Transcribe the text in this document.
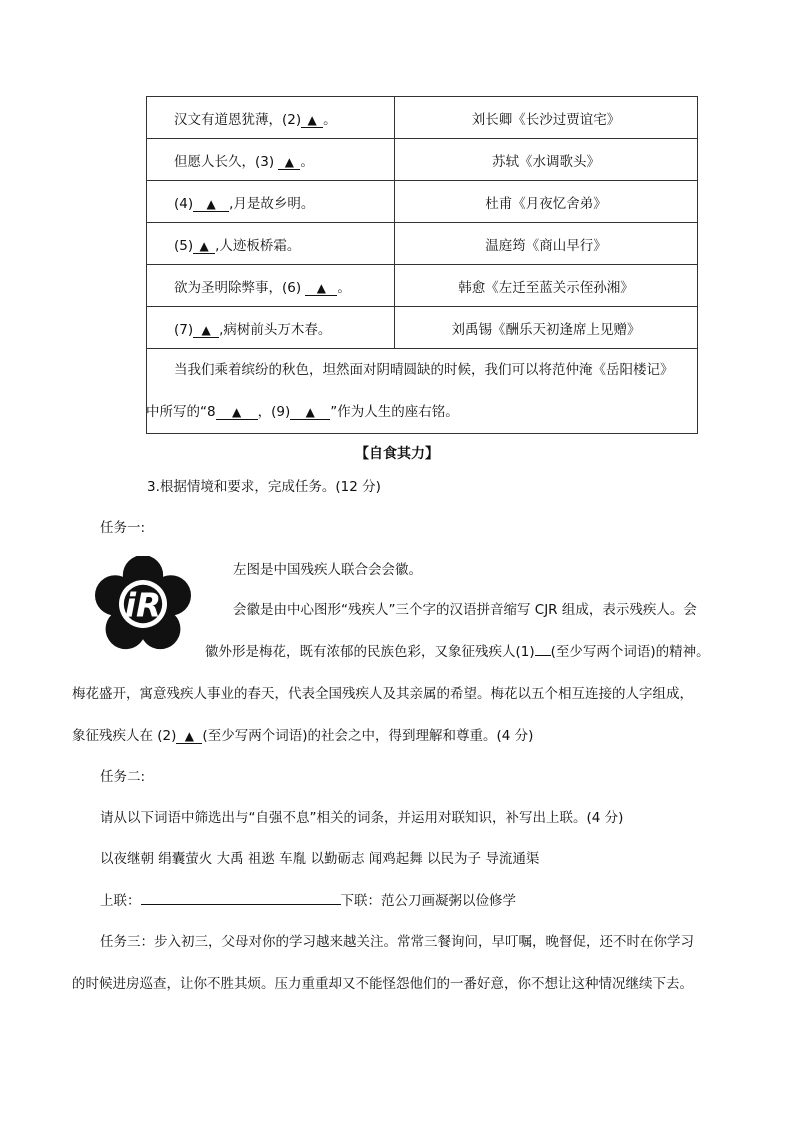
汉文有道恩犹薄，(2) ▲ 。	刘长卿《长沙过贾谊宅》
但愿人长久，(3) ▲ 。	苏轼《水调歌头》
(4) ▲ ,月是故乡明。	杜甫《月夜忆舍弟》
(5) ▲ ,人迹板桥霜。	温庭筠《商山早行》
欲为圣明除弊事，(6) ▲ 。	韩愈《左迁至蓝关示侄孙湘》
(7) ▲ ,病树前头万木春。	刘禹锡《酬乐天初逢席上见赠》

当我们乘着缤纷的秋色，坦然面对阴晴圆缺的时候，我们可以将范仲淹《岳阳楼记》
中所写的“8 ▲ ，(9) ▲ ”作为人生的座右铭。	
【自食其力】
3.根据情境和要求，完成任务。(12 分)
任务一:
iR
左图是中国残疾人联合会会徽。
会徽是由中心图形“残疾人”三个字的汉语拼音缩写 CJR 组成，表示残疾人。会
徽外形是梅花，既有浓郁的民族色彩，又象征残疾人(1) (至少写两个词语)的精神。
梅花盛开，寓意残疾人事业的春天，代表全国残疾人及其亲属的希望。梅花以五个相互连接的人字组成，
象征残疾人在 (2) ▲ (至少写两个词语)的社会之中，得到理解和尊重。(4 分)
任务二:
请从以下词语中筛选出与“自强不息”相关的词条，并运用对联知识，补写出上联。(4 分)
以夜继朝 绢囊萤火 大禹 祖逖 车胤 以勤砺志 闻鸡起舞 以民为子 导流通渠
上联：	下联：范公刀画凝粥以俭修学
任务三：步入初三，父母对你的学习越来越关注。常常三餐询问，早叮嘱，晚督促，还不时在你学习
的时候进房巡查，让你不胜其烦。压力重重却又不能怪怨他们的一番好意，你不想让这种情况继续下去。
